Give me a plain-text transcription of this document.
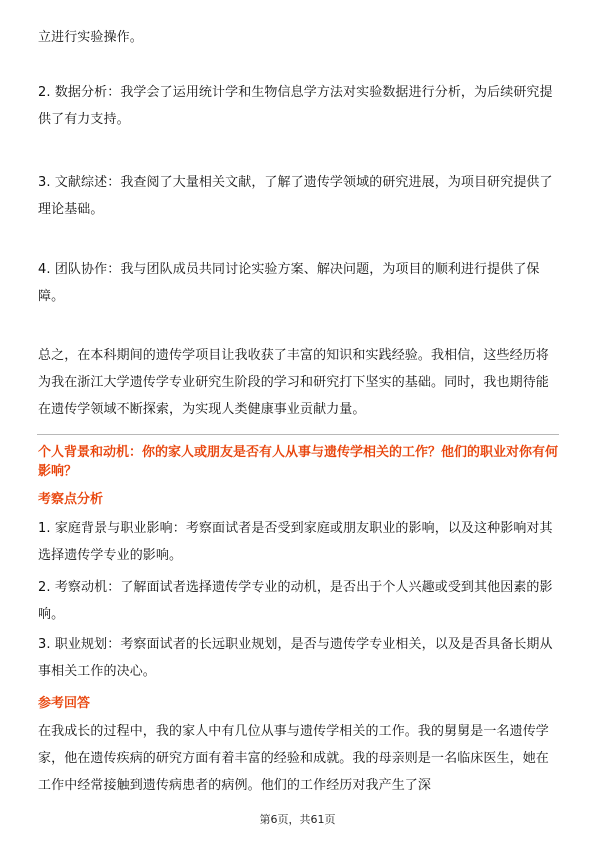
立进行实验操作。

2. 数据分析：我学会了运用统计学和生物信息学方法对实验数据进行分析，为后续研究提供了有力支持。

3. 文献综述：我查阅了大量相关文献，了解了遗传学领域的研究进展，为项目研究提供了理论基础。

4. 团队协作：我与团队成员共同讨论实验方案、解决问题，为项目的顺利进行提供了保障。

总之，在本科期间的遗传学项目让我收获了丰富的知识和实践经验。我相信，这些经历将为我在浙江大学遗传学专业研究生阶段的学习和研究打下坚实的基础。同时，我也期待能在遗传学领域不断探索，为实现人类健康事业贡献力量。

个人背景和动机：你的家人或朋友是否有人从事与遗传学相关的工作？他们的职业对你有何影响？

考察点分析

1. 家庭背景与职业影响：考察面试者是否受到家庭或朋友职业的影响，以及这种影响对其选择遗传学专业的影响。

2. 考察动机：了解面试者选择遗传学专业的动机，是否出于个人兴趣或受到其他因素的影响。

3. 职业规划：考察面试者的长远职业规划，是否与遗传学专业相关，以及是否具备长期从事相关工作的决心。

参考回答

在我成长的过程中，我的家人中有几位从事与遗传学相关的工作。我的舅舅是一名遗传学家，他在遗传疾病的研究方面有着丰富的经验和成就。我的母亲则是一名临床医生，她在工作中经常接触到遗传病患者的病例。他们的工作经历对我产生了深

第6页，共61页
